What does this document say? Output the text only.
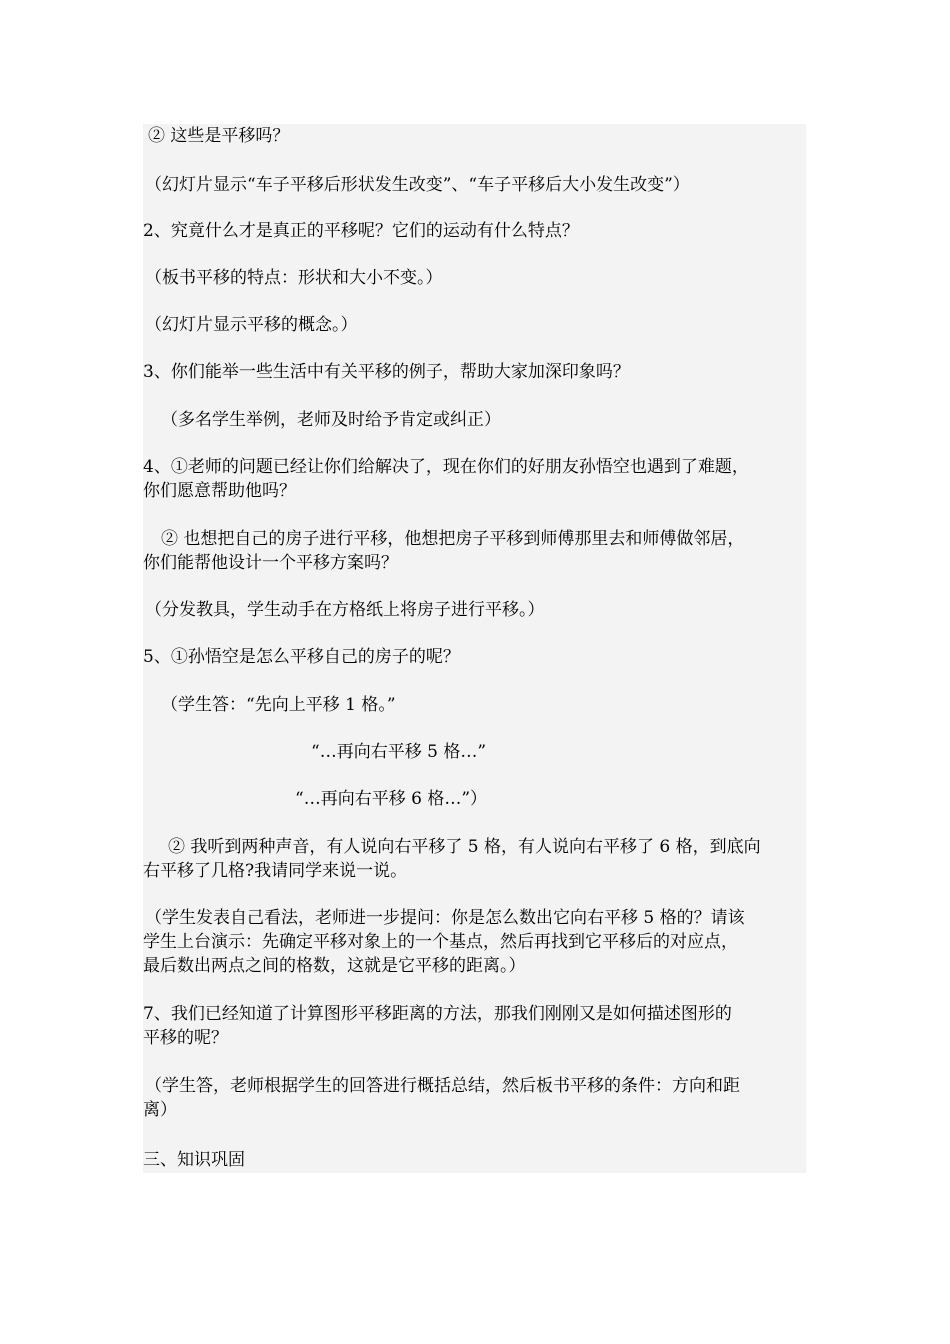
② 这些是平移吗？
（幻灯片显示“车子平移后形状发生改变”、“车子平移后大小发生改变”）
2、究竟什么才是真正的平移呢？它们的运动有什么特点？
（板书平移的特点：形状和大小不变。）
（幻灯片显示平移的概念。）
3、你们能举一些生活中有关平移的例子，帮助大家加深印象吗？
（多名学生举例，老师及时给予肯定或纠正）
4、①老师的问题已经让你们给解决了，现在你们的好朋友孙悟空也遇到了难题，
你们愿意帮助他吗？
② 也想把自己的房子进行平移，他想把房子平移到师傅那里去和师傅做邻居，
你们能帮他设计一个平移方案吗？
（分发教具，学生动手在方格纸上将房子进行平移。）
5、①孙悟空是怎么平移自己的房子的呢？
（学生答：“先向上平移 1 格。”
“…再向右平移 5 格…”
“…再向右平移 6 格…”）
② 我听到两种声音，有人说向右平移了 5 格，有人说向右平移了 6 格，到底向
右平移了几格?我请同学来说一说。
（学生发表自己看法，老师进一步提问：你是怎么数出它向右平移 5 格的？请该
学生上台演示：先确定平移对象上的一个基点，然后再找到它平移后的对应点，
最后数出两点之间的格数，这就是它平移的距离。）
7、我们已经知道了计算图形平移距离的方法，那我们刚刚又是如何描述图形的
平移的呢？
（学生答，老师根据学生的回答进行概括总结，然后板书平移的条件：方向和距
离）
三、知识巩固
